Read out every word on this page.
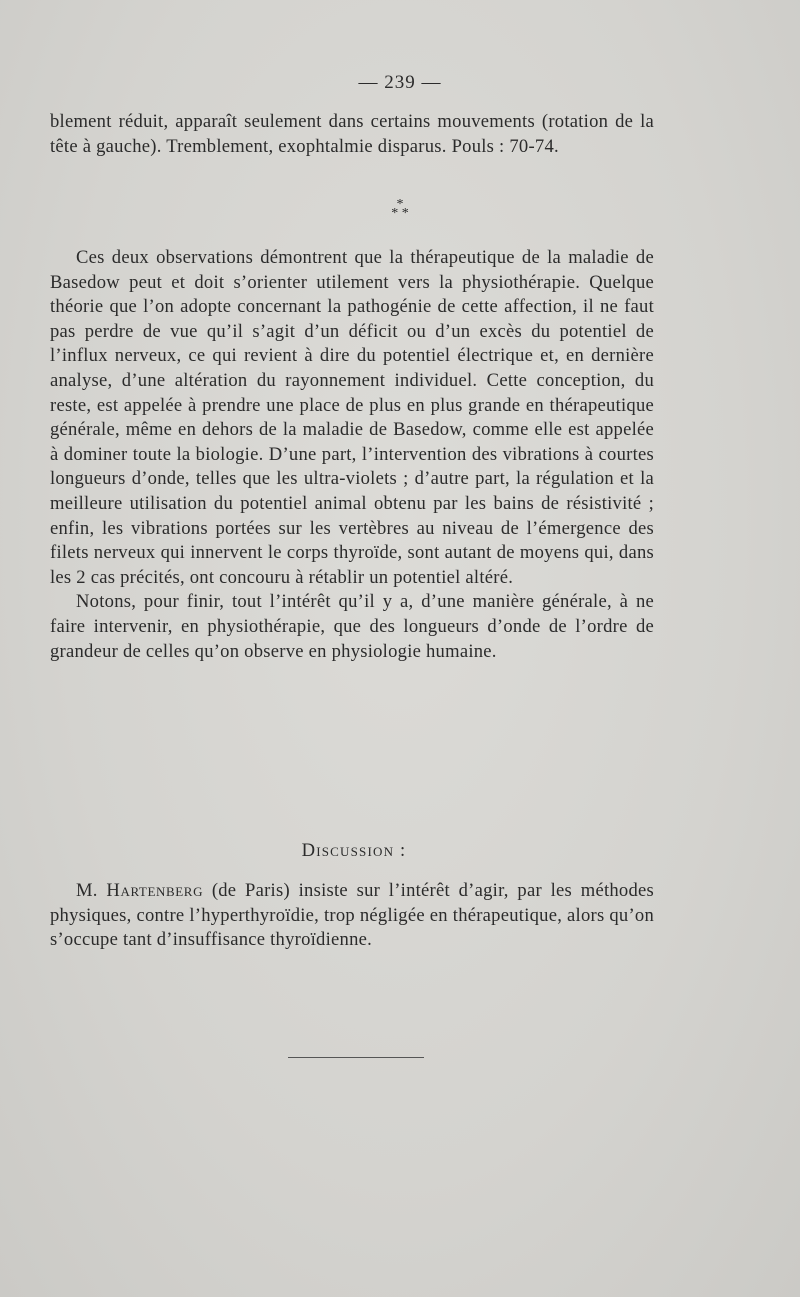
— 239 —

blement réduit, apparaît seulement dans certains mouvements (rotation de la tête à gauche). Tremblement, exophtalmie disparus. Pouls : 70-74.

*
* *

Ces deux observations démontrent que la thérapeutique de la maladie de Basedow peut et doit s’orienter utilement vers la physiothérapie. Quelque théorie que l’on adopte concernant la pathogénie de cette affection, il ne faut pas perdre de vue qu’il s’agit d’un déficit ou d’un excès du potentiel de l’influx nerveux, ce qui revient à dire du potentiel électrique et, en dernière analyse, d’une altération du rayonnement individuel. Cette conception, du reste, est appelée à prendre une place de plus en plus grande en thérapeutique générale, même en dehors de la maladie de Basedow, comme elle est appelée à dominer toute la biologie. D’une part, l’intervention des vibrations à courtes longueurs d’onde, telles que les ultra-violets ; d’autre part, la régulation et la meilleure utilisation du potentiel animal obtenu par les bains de résistivité ; enfin, les vibrations portées sur les vertèbres au niveau de l’émergence des filets nerveux qui innervent le corps thyroïde, sont autant de moyens qui, dans les 2 cas précités, ont concouru à rétablir un potentiel altéré.

Notons, pour finir, tout l’intérêt qu’il y a, d’une manière générale, à ne faire intervenir, en physiothérapie, que des longueurs d’onde de l’ordre de grandeur de celles qu’on observe en physiologie humaine.

Discussion :

M. Hartenberg (de Paris) insiste sur l’intérêt d’agir, par les méthodes physiques, contre l’hyperthyroïdie, trop négligée en thérapeutique, alors qu’on s’occupe tant d’insuffisance thyroïdienne.
